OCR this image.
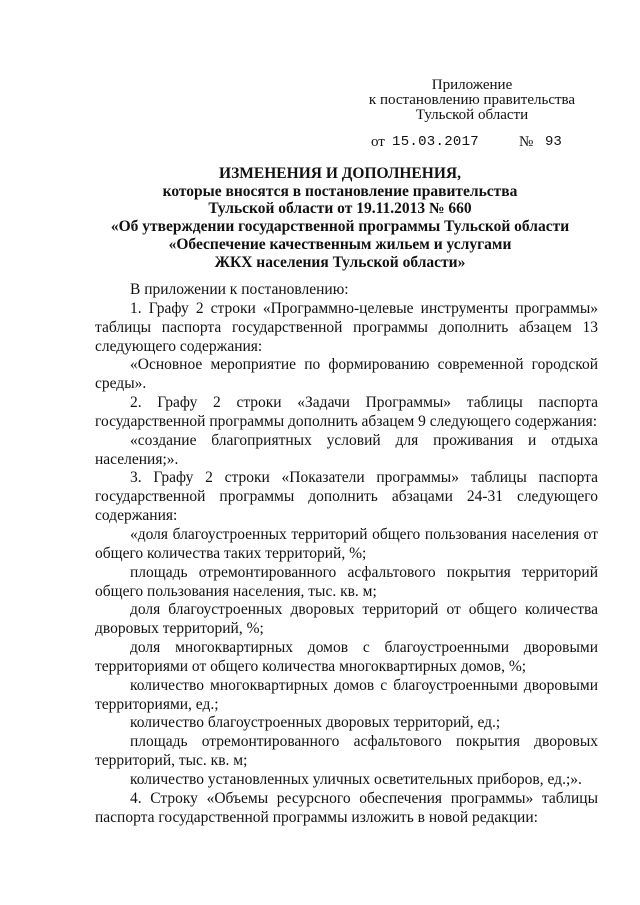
Приложение
к постановлению правительства
Тульской области
от 15.03.2017	№ 93
ИЗМЕНЕНИЯ И ДОПОЛНЕНИЯ,
которые вносятся в постановление правительства
Тульской области от 19.11.2013 № 660
«Об утверждении государственной программы Тульской области
«Обеспечение качественным жильем и услугами
ЖКХ населения Тульской области»

В приложении к постановлению:

1. Графу 2 строки «Программно-целевые инструменты программы» таблицы паспорта государственной программы дополнить абзацем 13 следующего содержания:

«Основное мероприятие по формированию современной городской среды».

2. Графу 2 строки «Задачи Программы» таблицы паспорта государственной программы дополнить абзацем 9 следующего содержания:

«создание благоприятных условий для проживания и отдыха населения;».

3. Графу 2 строки «Показатели программы» таблицы паспорта государственной программы дополнить абзацами 24-31 следующего содержания:

«доля благоустроенных территорий общего пользования населения от общего количества таких территорий, %;

площадь отремонтированного асфальтового покрытия территорий общего пользования населения, тыс. кв. м;

доля благоустроенных дворовых территорий от общего количества дворовых территорий, %;

доля многоквартирных домов с благоустроенными дворовыми территориями от общего количества многоквартирных домов, %;

количество многоквартирных домов с благоустроенными дворовыми территориями, ед.;

количество благоустроенных дворовых территорий, ед.;

площадь отремонтированного асфальтового покрытия дворовых территорий, тыс. кв. м;

количество установленных уличных осветительных приборов, ед.;».

4. Строку «Объемы ресурсного обеспечения программы» таблицы паспорта государственной программы изложить в новой редакции:
